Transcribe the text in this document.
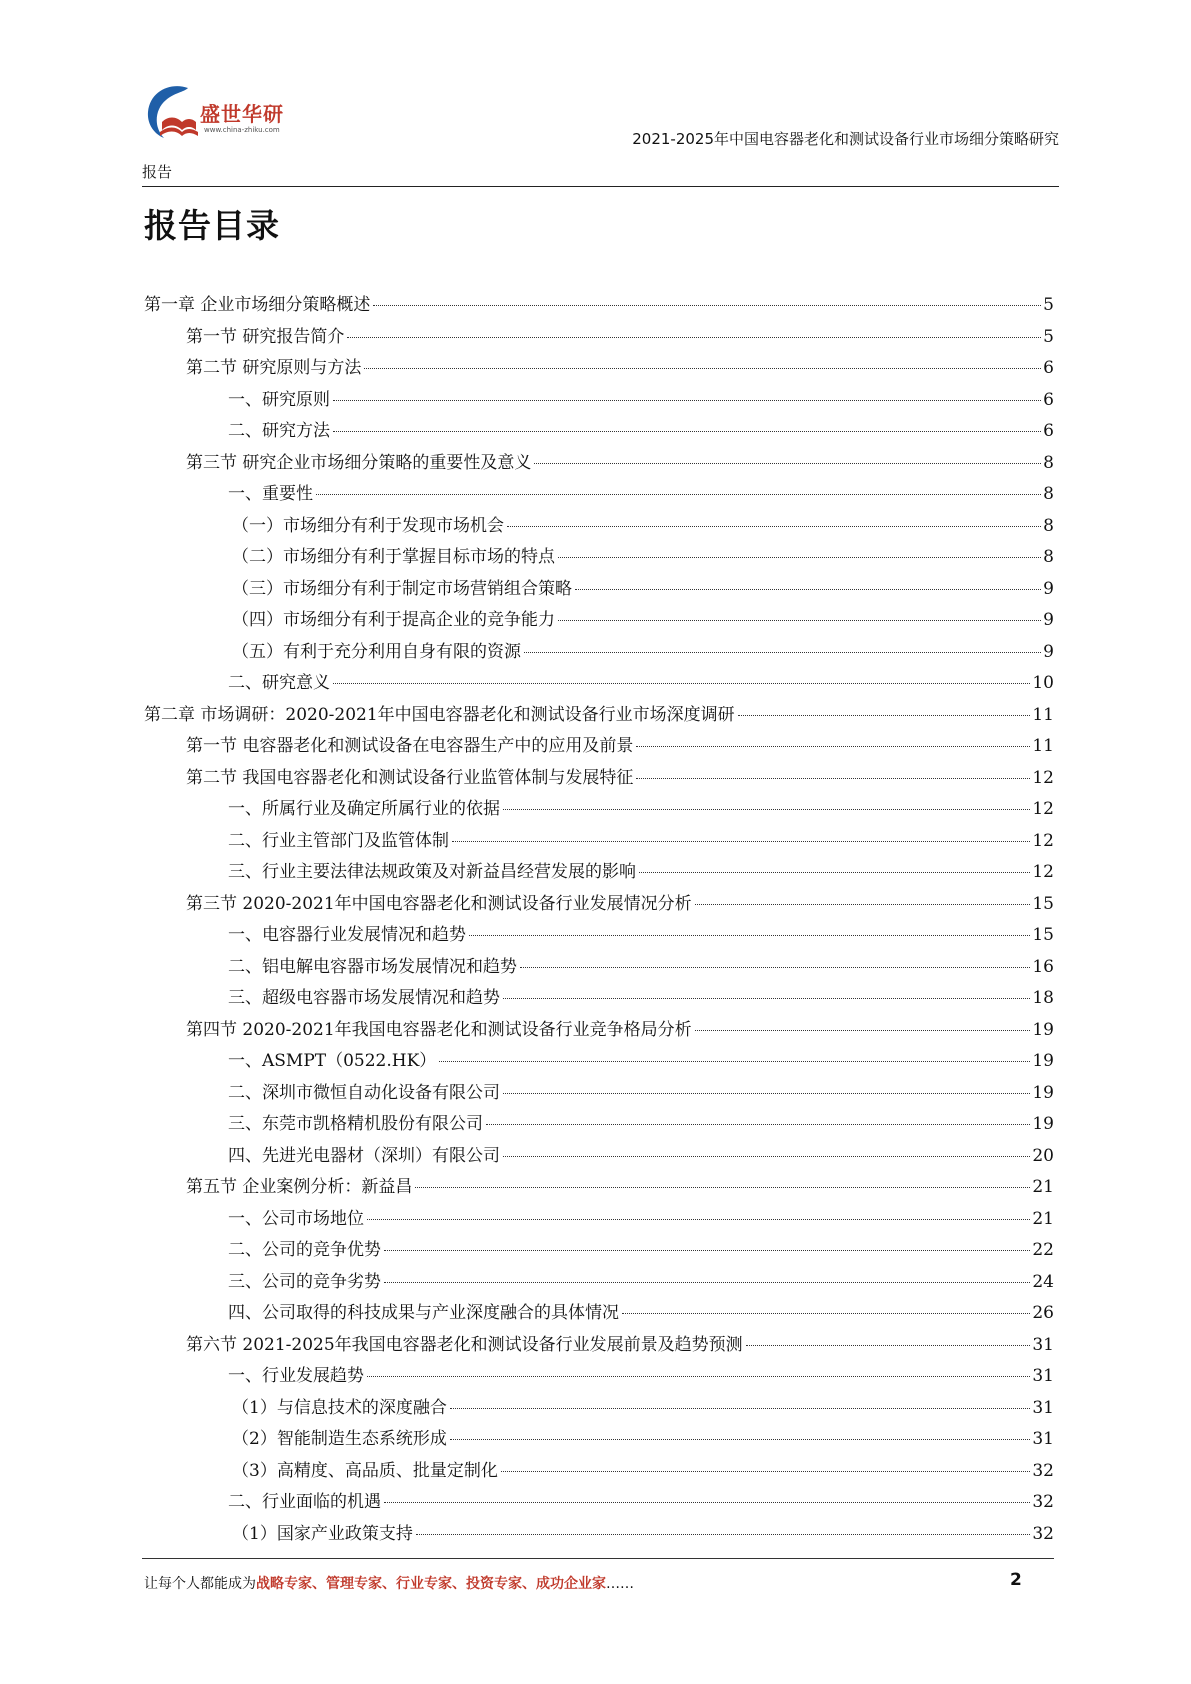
盛世华研
www.china-zhiku.com	2021-2025年中国电容器老化和测试设备行业市场细分策略研究
报告
报告目录
第一章 企业市场细分策略概述	5
第一节 研究报告简介	5
第二节 研究原则与方法	6
一、研究原则	6
二、研究方法	6
第三节 研究企业市场细分策略的重要性及意义	8
一、重要性	8
（一）市场细分有利于发现市场机会	8
（二）市场细分有利于掌握目标市场的特点	8
（三）市场细分有利于制定市场营销组合策略	9
（四）市场细分有利于提高企业的竞争能力	9
（五）有利于充分利用自身有限的资源	9
二、研究意义	10
第二章 市场调研：2020-2021年中国电容器老化和测试设备行业市场深度调研	11
第一节 电容器老化和测试设备在电容器生产中的应用及前景	11
第二节 我国电容器老化和测试设备行业监管体制与发展特征	12
一、所属行业及确定所属行业的依据	12
二、行业主管部门及监管体制	12
三、行业主要法律法规政策及对新益昌经营发展的影响	12
第三节 2020-2021年中国电容器老化和测试设备行业发展情况分析	15
一、电容器行业发展情况和趋势	15
二、铝电解电容器市场发展情况和趋势	16
三、超级电容器市场发展情况和趋势	18
第四节 2020-2021年我国电容器老化和测试设备行业竞争格局分析	19
一、ASMPT（0522.HK）	19
二、深圳市微恒自动化设备有限公司	19
三、东莞市凯格精机股份有限公司	19
四、先进光电器材（深圳）有限公司	20
第五节 企业案例分析：新益昌	21
一、公司市场地位	21
二、公司的竞争优势	22
三、公司的竞争劣势	24
四、公司取得的科技成果与产业深度融合的具体情况	26
第六节 2021-2025年我国电容器老化和测试设备行业发展前景及趋势预测	31
一、行业发展趋势	31
（1）与信息技术的深度融合	31
（2）智能制造生态系统形成	31
（3）高精度、高品质、批量定制化	32
二、行业面临的机遇	32
（1）国家产业政策支持	32
让每个人都能成为战略专家、管理专家、行业专家、投资专家、成功企业家……	2
